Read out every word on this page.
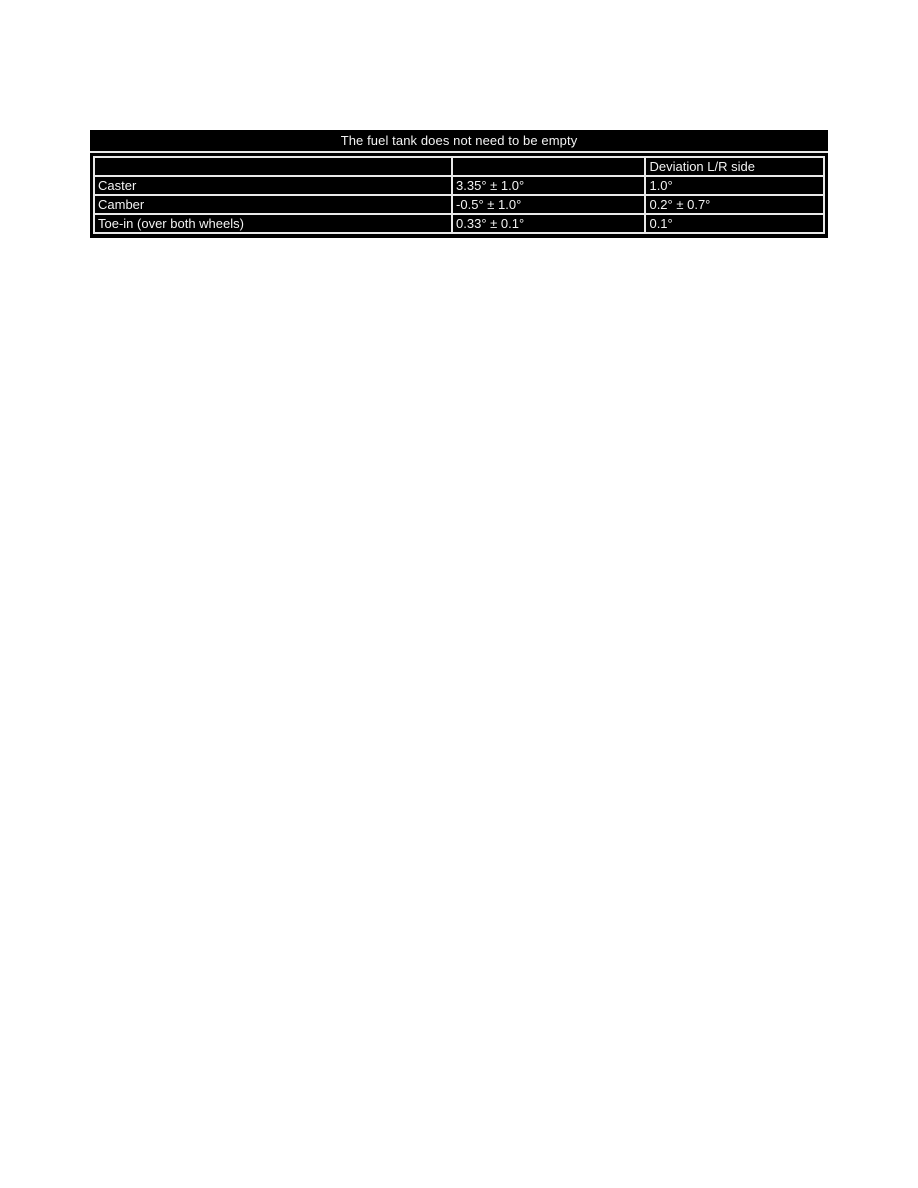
The fuel tank does not need to be empty
		Deviation L/R side
Caster	3.35° ± 1.0°	1.0°
Camber	-0.5° ± 1.0°	0.2° ± 0.7°
Toe-in (over both wheels)	0.33° ± 0.1°	0.1°
